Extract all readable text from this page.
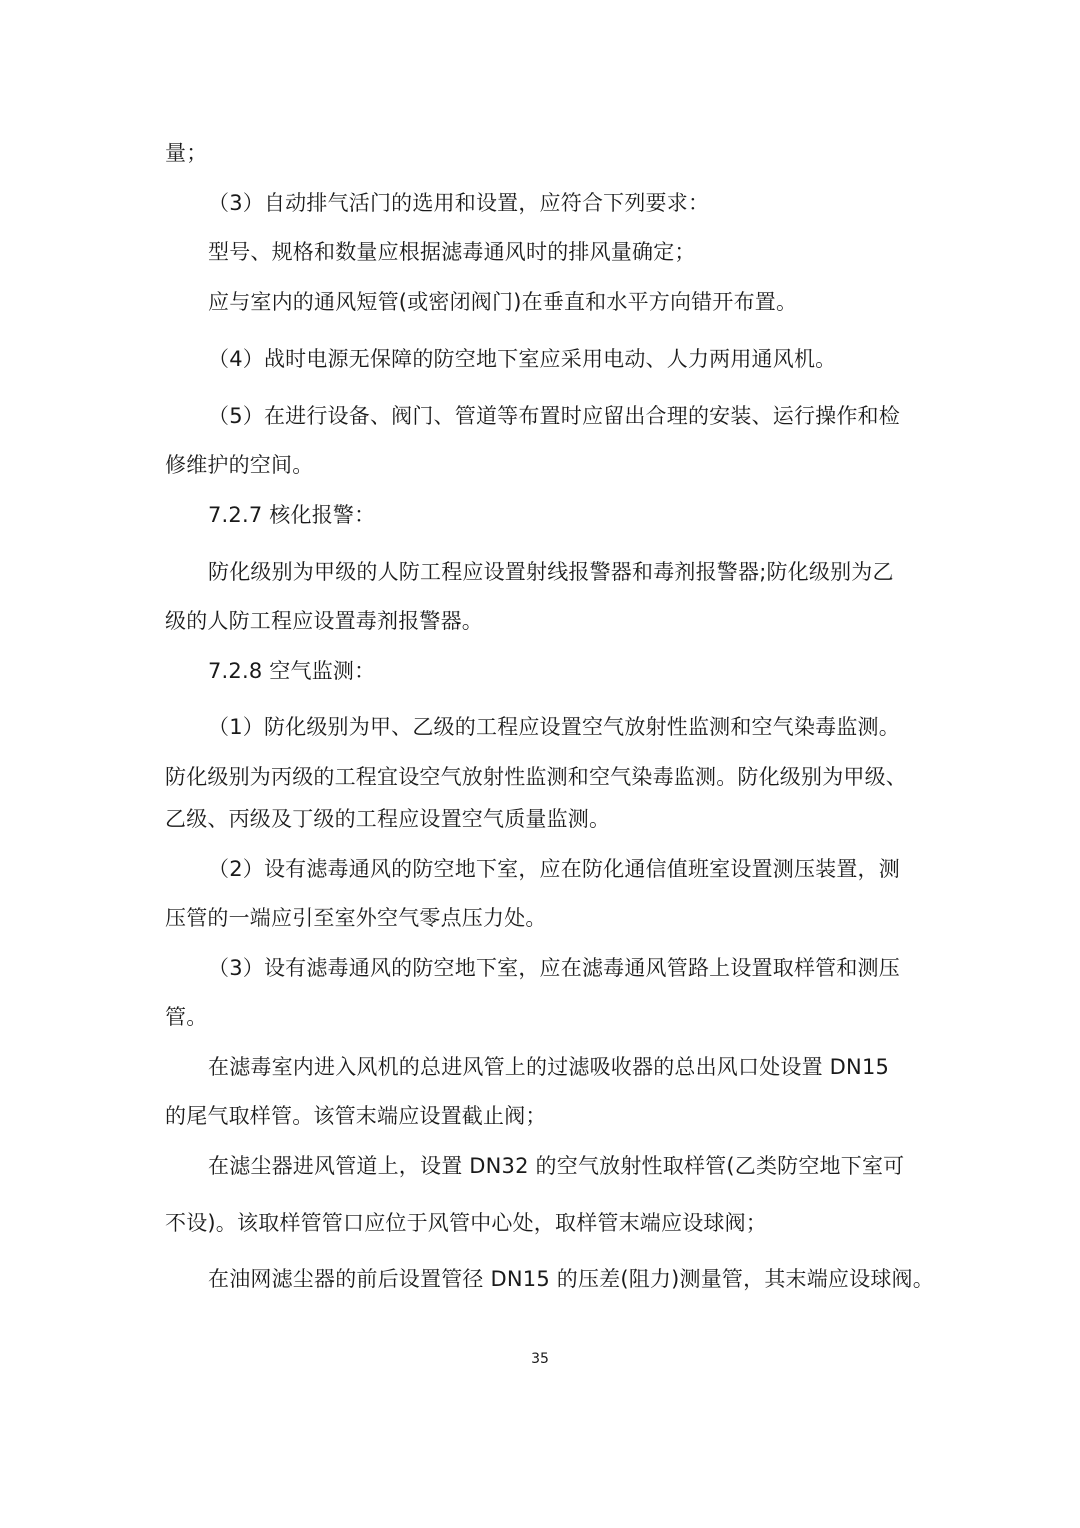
量；
（3）自动排气活门的选用和设置，应符合下列要求：
型号、规格和数量应根据滤毒通风时的排风量确定；
应与室内的通风短管(或密闭阀门)在垂直和水平方向错开布置。
（4）战时电源无保障的防空地下室应采用电动、人力两用通风机。
（5）在进行设备、阀门、管道等布置时应留出合理的安装、运行操作和检
修维护的空间。
7.2.7 核化报警：
防化级别为甲级的人防工程应设置射线报警器和毒剂报警器;防化级别为乙
级的人防工程应设置毒剂报警器。
7.2.8 空气监测：
（1）防化级别为甲、乙级的工程应设置空气放射性监测和空气染毒监测。
防化级别为丙级的工程宜设空气放射性监测和空气染毒监测。防化级别为甲级、
乙级、丙级及丁级的工程应设置空气质量监测。
（2）设有滤毒通风的防空地下室，应在防化通信值班室设置测压装置，测
压管的一端应引至室外空气零点压力处。
（3）设有滤毒通风的防空地下室，应在滤毒通风管路上设置取样管和测压
管。
在滤毒室内进入风机的总进风管上的过滤吸收器的总出风口处设置 DN15
的尾气取样管。该管末端应设置截止阀；
在滤尘器进风管道上，设置 DN32 的空气放射性取样管(乙类防空地下室可
不设)。该取样管管口应位于风管中心处，取样管末端应设球阀；
在油网滤尘器的前后设置管径 DN15 的压差(阻力)测量管，其末端应设球阀。
35
